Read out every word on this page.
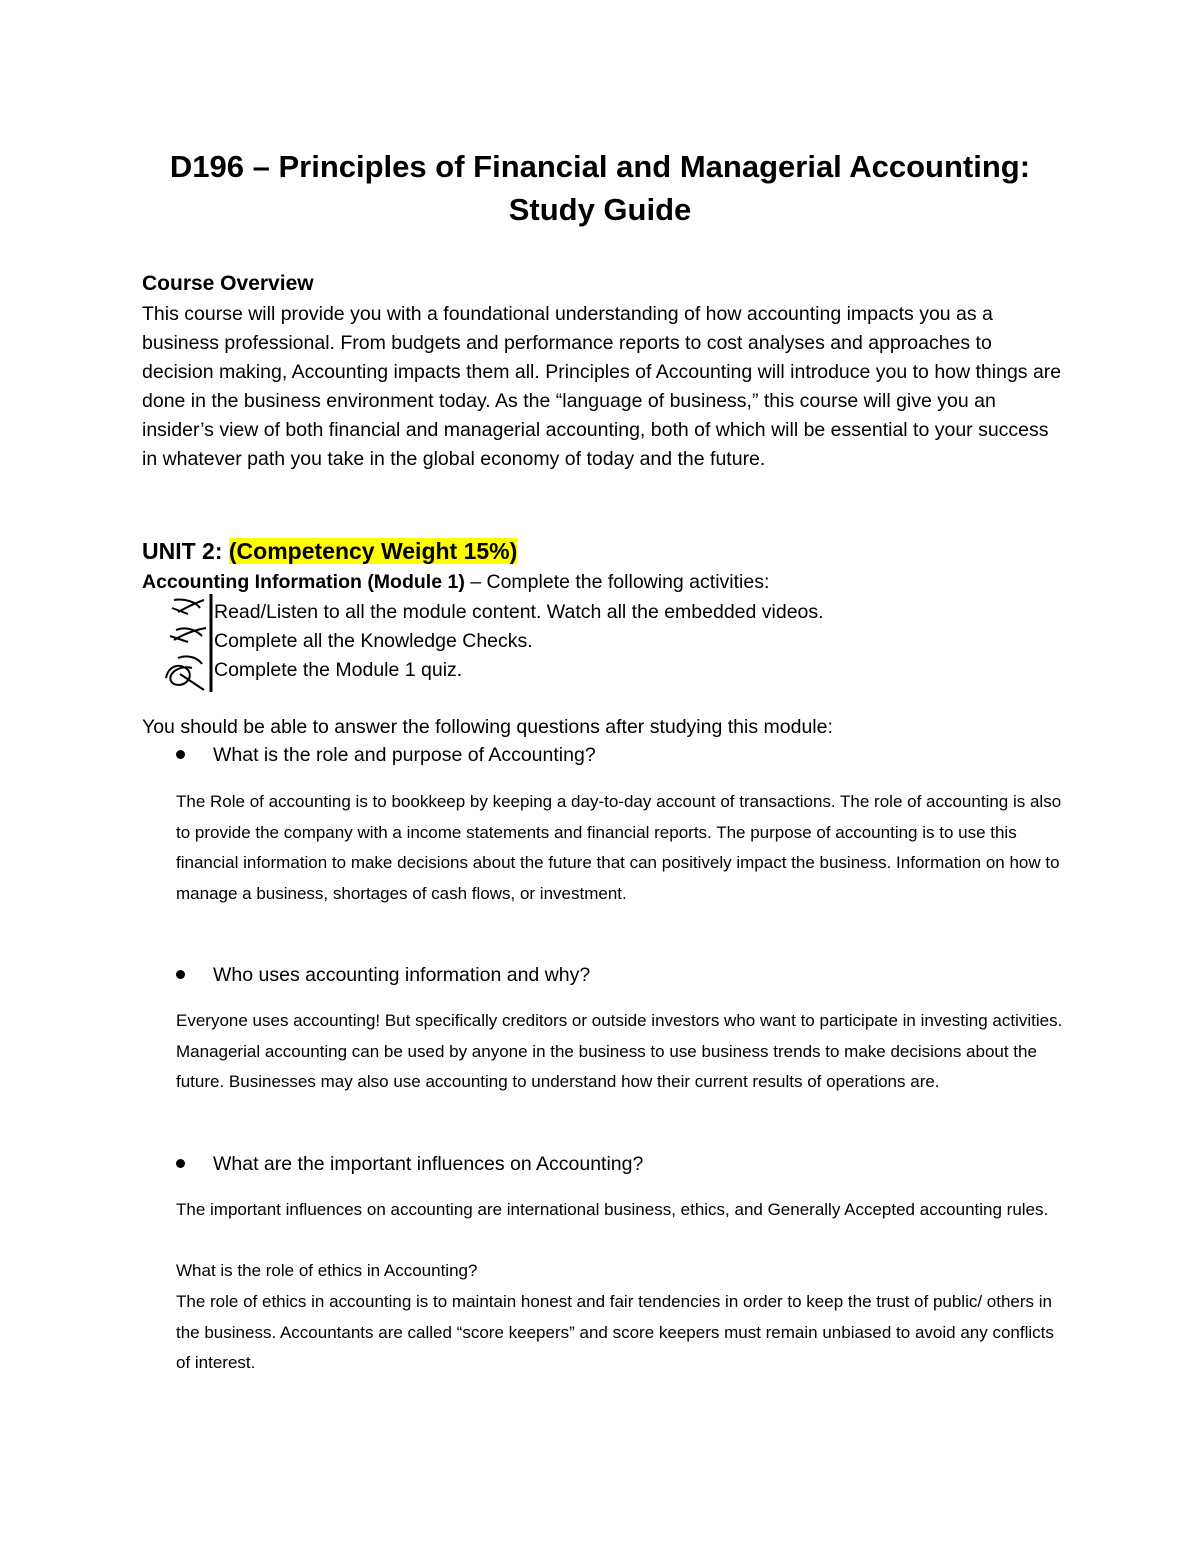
D196 – Principles of Financial and Managerial Accounting:
Study Guide
Course Overview
This course will provide you with a foundational understanding of how accounting impacts you as a business professional. From budgets and performance reports to cost analyses and approaches to decision making, Accounting impacts them all. Principles of Accounting will introduce you to how things are done in the business environment today. As the “language of business,” this course will give you an insider’s view of both financial and managerial accounting, both of which will be essential to your success in whatever path you take in the global economy of today and the future.
UNIT 2: (Competency Weight 15%)
Accounting Information (Module 1) – Complete the following activities:
Read/Listen to all the module content. Watch all the embedded videos.
Complete all the Knowledge Checks.
Complete the Module 1 quiz.
You should be able to answer the following questions after studying this module:
What is the role and purpose of Accounting?
The Role of accounting is to bookkeep by keeping a day-to-day account of transactions. The role of accounting is also to provide the company with a income statements and financial reports. The purpose of accounting is to use this financial information to make decisions about the future that can positively impact the business. Information on how to manage a business, shortages of cash flows, or investment.
Who uses accounting information and why?
Everyone uses accounting! But specifically creditors or outside investors who want to participate in investing activities. Managerial accounting can be used by anyone in the business to use business trends to make decisions about the future. Businesses may also use accounting to understand how their current results of operations are.
What are the important influences on Accounting?
The important influences on accounting are international business, ethics, and Generally Accepted accounting rules.
What is the role of ethics in Accounting?
The role of ethics in accounting is to maintain honest and fair tendencies in order to keep the trust of public/ others in the business. Accountants are called “score keepers” and score keepers must remain unbiased to avoid any conflicts of interest.
